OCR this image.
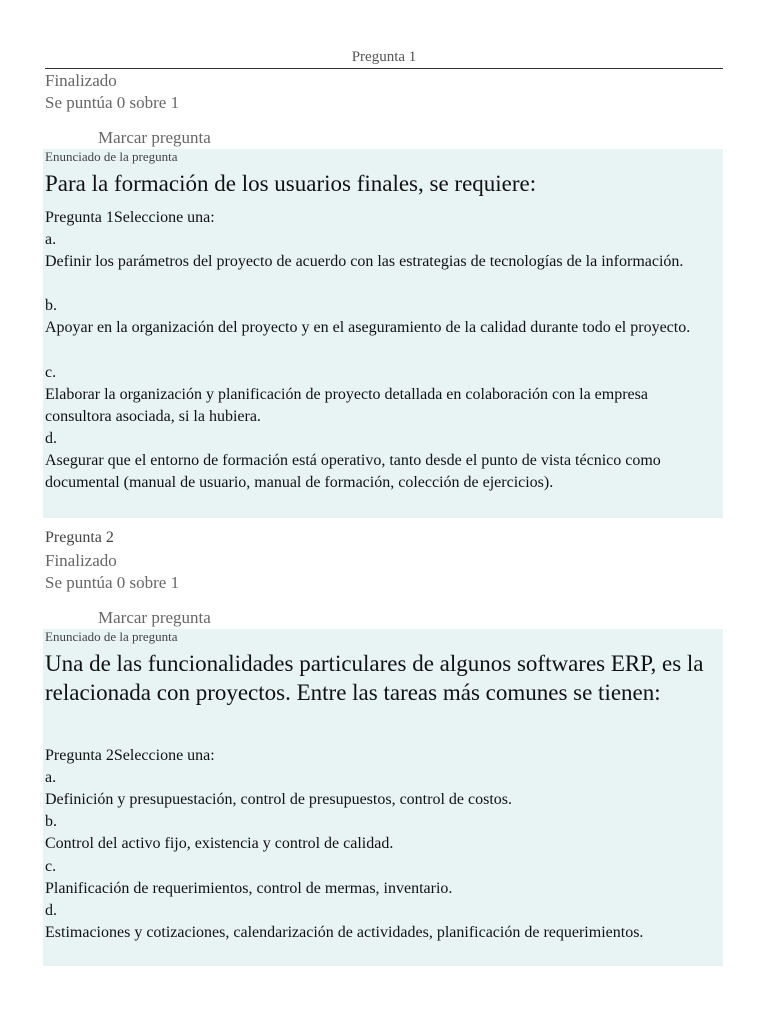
Pregunta 1
Finalizado
Se puntúa 0 sobre 1
Marcar pregunta
Enunciado de la pregunta
Para la formación de los usuarios finales, se requiere:
Pregunta 1Seleccione una:
a.
Definir los parámetros del proyecto de acuerdo con las estrategias de tecnologías de la información.
b.
Apoyar en la organización del proyecto y en el aseguramiento de la calidad durante todo el proyecto.
c.
Elaborar la organización y planificación de proyecto detallada en colaboración con la empresa consultora asociada, si la hubiera.
d.
Asegurar que el entorno de formación está operativo, tanto desde el punto de vista técnico como documental (manual de usuario, manual de formación, colección de ejercicios).
Pregunta 2
Finalizado
Se puntúa 0 sobre 1
Marcar pregunta
Enunciado de la pregunta
Una de las funcionalidades particulares de algunos softwares ERP, es la relacionada con proyectos. Entre las tareas más comunes se tienen:
Pregunta 2Seleccione una:
a.
Definición y presupuestación, control de presupuestos, control de costos.
b.
Control del activo fijo, existencia y control de calidad.
c.
Planificación de requerimientos, control de mermas, inventario.
d.
Estimaciones y cotizaciones, calendarización de actividades, planificación de requerimientos.
